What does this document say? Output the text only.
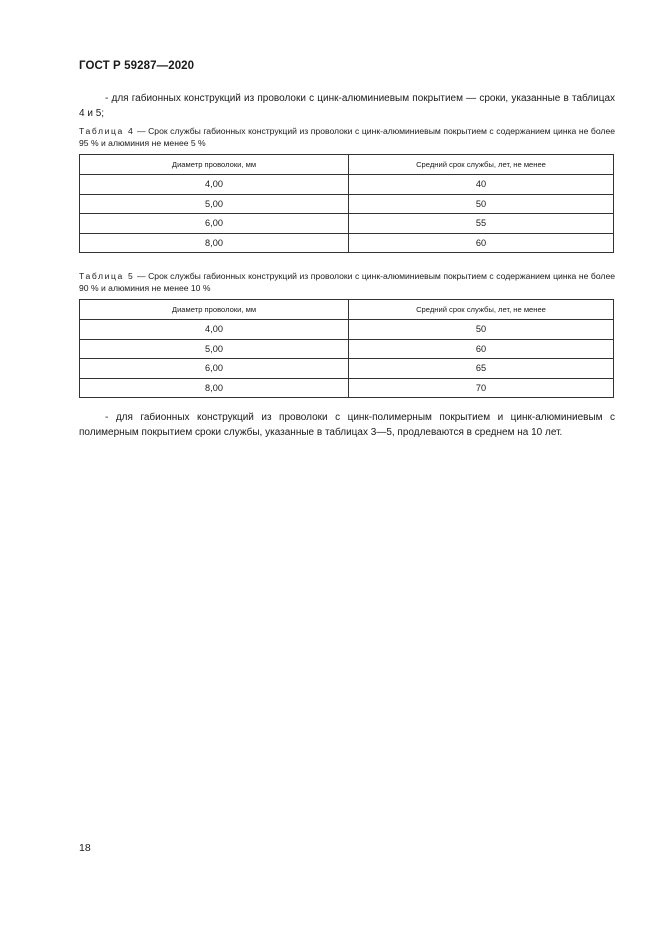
ГОСТ Р 59287—2020

- для габионных конструкций из проволоки с цинк-алюминиевым покрытием — сроки, указанные в таблицах 4 и 5;

Таблица 4 — Срок службы габионных конструкций из проволоки с цинк-алюминиевым покрытием с содержанием цинка не более 95 % и алюминия не менее 5 %
Диаметр проволоки, мм	Средний срок службы, лет, не менее
4,00	40
5,00	50
6,00	55
8,00	60
Таблица 5 — Срок службы габионных конструкций из проволоки с цинк-алюминиевым покрытием с содержанием цинка не более 90 % и алюминия не менее 10 %
Диаметр проволоки, мм	Средний срок службы, лет, не менее
4,00	50
5,00	60
6,00	65
8,00	70

- для габионных конструкций из проволоки с цинк-полимерным покрытием и цинк-алюминиевым с полимерным покрытием сроки службы, указанные в таблицах 3—5, продлеваются в среднем на 10 лет.

18
